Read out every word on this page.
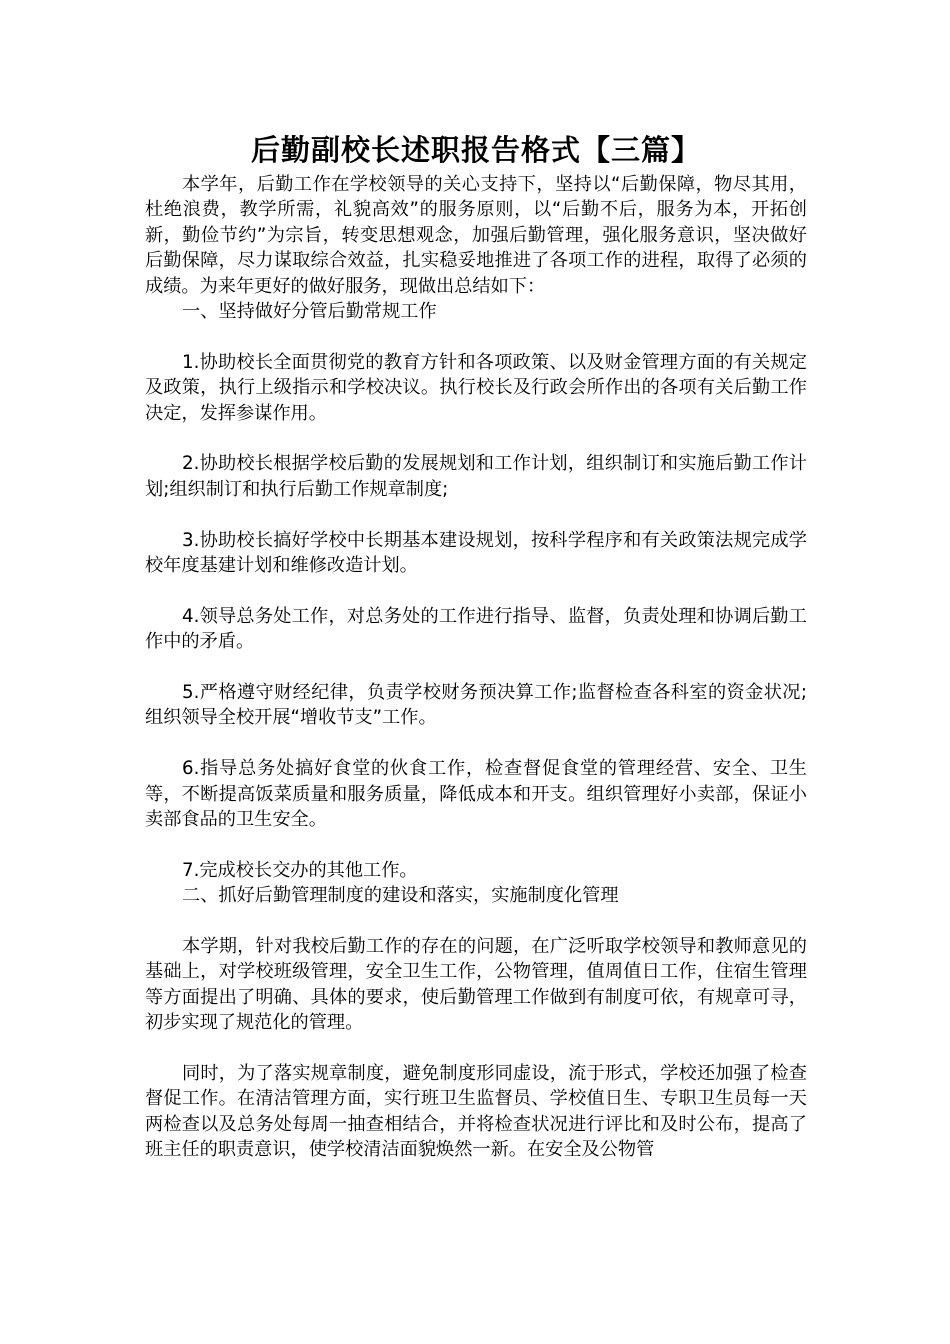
后勤副校长述职报告格式【三篇】

本学年，后勤工作在学校领导的关心支持下，坚持以“后勤保障，物尽其用，杜绝浪费，教学所需，礼貌高效”的服务原则，以“后勤不后，服务为本，开拓创新，勤俭节约”为宗旨，转变思想观念，加强后勤管理，强化服务意识，坚决做好后勤保障，尽力谋取综合效益，扎实稳妥地推进了各项工作的进程，取得了必须的成绩。为来年更好的做好服务，现做出总结如下：

一、坚持做好分管后勤常规工作

1.协助校长全面贯彻党的教育方针和各项政策、以及财金管理方面的有关规定及政策，执行上级指示和学校决议。执行校长及行政会所作出的各项有关后勤工作决定，发挥参谋作用。

2.协助校长根据学校后勤的发展规划和工作计划，组织制订和实施后勤工作计划;组织制订和执行后勤工作规章制度;

3.协助校长搞好学校中长期基本建设规划，按科学程序和有关政策法规完成学校年度基建计划和维修改造计划。

4.领导总务处工作，对总务处的工作进行指导、监督，负责处理和协调后勤工作中的矛盾。

5.严格遵守财经纪律，负责学校财务预决算工作;监督检查各科室的资金状况;组织领导全校开展“增收节支”工作。

6.指导总务处搞好食堂的伙食工作，检查督促食堂的管理经营、安全、卫生等，不断提高饭菜质量和服务质量，降低成本和开支。组织管理好小卖部，保证小卖部食品的卫生安全。

7.完成校长交办的其他工作。

二、抓好后勤管理制度的建设和落实，实施制度化管理

本学期，针对我校后勤工作的存在的问题，在广泛听取学校领导和教师意见的基础上，对学校班级管理，安全卫生工作，公物管理，值周值日工作，住宿生管理等方面提出了明确、具体的要求，使后勤管理工作做到有制度可依，有规章可寻，初步实现了规范化的管理。

同时，为了落实规章制度，避免制度形同虚设，流于形式，学校还加强了检查督促工作。在清洁管理方面，实行班卫生监督员、学校值日生、专职卫生员每一天两检查以及总务处每周一抽查相结合，并将检查状况进行评比和及时公布，提高了班主任的职责意识，使学校清洁面貌焕然一新。在安全及公物管
